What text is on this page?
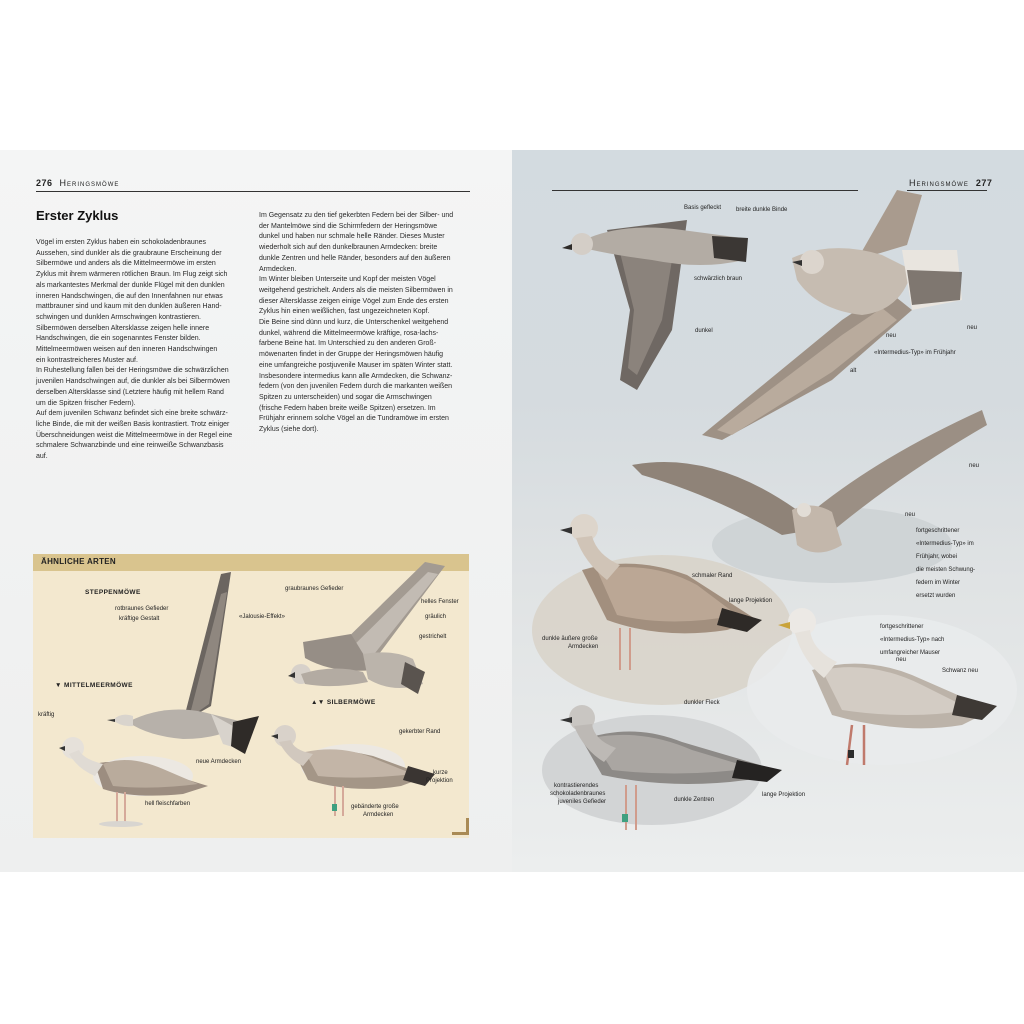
276 Heringsmöwe
Erster Zyklus

Vögel im ersten Zyklus haben ein schokoladenbraunes

Aussehen, sind dunkler als die graubraune Erscheinung der

Silbermöwe und anders als die Mittelmeermöwe im ersten

Zyklus mit ihrem wärmeren rötlichen Braun. Im Flug zeigt sich

als markantestes Merkmal der dunkle Flügel mit den dunklen

inneren Handschwingen, die auf den Innenfahnen nur etwas

mattbrauner sind und kaum mit den dunklen äußeren Hand-

schwingen und dunklen Armschwingen kontrastieren.

Silbermöwen derselben Altersklasse zeigen helle innere

Handschwingen, die ein sogenanntes Fenster bilden.

Mittelmeermöwen weisen auf den inneren Handschwingen

ein kontrastreicheres Muster auf.

In Ruhestellung fallen bei der Heringsmöwe die schwärzlichen

juvenilen Handschwingen auf, die dunkler als bei Silbermöwen

derselben Altersklasse sind (Letztere häufig mit hellem Rand

um die Spitzen frischer Federn).

Auf dem juvenilen Schwanz befindet sich eine breite schwärz-

liche Binde, die mit der weißen Basis kontrastiert. Trotz einiger

Überschneidungen weist die Mittelmeermöwe in der Regel eine

schmalere Schwanzbinde und eine reinweiße Schwanzbasis

auf.

Im Gegensatz zu den tief gekerbten Federn bei der Silber- und

der Mantelmöwe sind die Schirmfedern der Heringsmöwe

dunkel und haben nur schmale helle Ränder. Dieses Muster

wiederholt sich auf den dunkelbraunen Armdecken: breite

dunkle Zentren und helle Ränder, besonders auf den äußeren

Armdecken.

Im Winter bleiben Unterseite und Kopf der meisten Vögel

weitgehend gestrichelt. Anders als die meisten Silbermöwen in

dieser Altersklasse zeigen einige Vögel zum Ende des ersten

Zyklus hin einen weißlichen, fast ungezeichneten Kopf.

Die Beine sind dünn und kurz, die Unterschenkel weitgehend

dunkel, während die Mittelmeermöwe kräftige, rosa-lachs-

farbene Beine hat. Im Unterschied zu den anderen Groß-

möwenarten findet in der Gruppe der Heringsmöwen häufig

eine umfangreiche postjuvenile Mauser im späten Winter statt.

Insbesondere intermedius kann alle Armdecken, die Schwanz-

federn (von den juvenilen Federn durch die markanten weißen

Spitzen zu unterscheiden) und sogar die Armschwingen

(frische Federn haben breite weiße Spitzen) ersetzen. Im

Frühjahr erinnern solche Vögel an die Tundramöwe im ersten

Zyklus (siehe dort).

ÄHNLICHE ARTEN
STEPPENMÖWE
rotbraunes Gefieder
kräftige Gestalt	«Jalousie-Effekt»
▼ MITTELMEERMÖWE
kräftig
neue Armdecken
hell fleischfarben
graubraunes Gefieder
helles Fenster
gräulich
gestrichelt
▲▼ SILBERMÖWE
gekerbter Rand
kurze
Projektion
gebänderte große
Armdecken
Heringsmöwe 277
Basis gefleckt breite dunkle Binde
schwärzlich braun
dunkel
neu
neu
«Intermedius-Typ» im Frühjahr
alt
neu
neu

fortgeschrittener

«Intermedius-Typ» im

Frühjahr, wobei

die meisten Schwung-

federn im Winter

ersetzt wurden

schmaler Rand
lange Projektion
dunkle äußere große
Armdecken

fortgeschrittener

«Intermedius-Typ» nach

umfangreicher Mauser

neu
Schwanz neu
dunkler Fleck
kontrastierendes
schokoladenbraunes
juveniles Gefieder	dunkle Zentren
lange Projektion
